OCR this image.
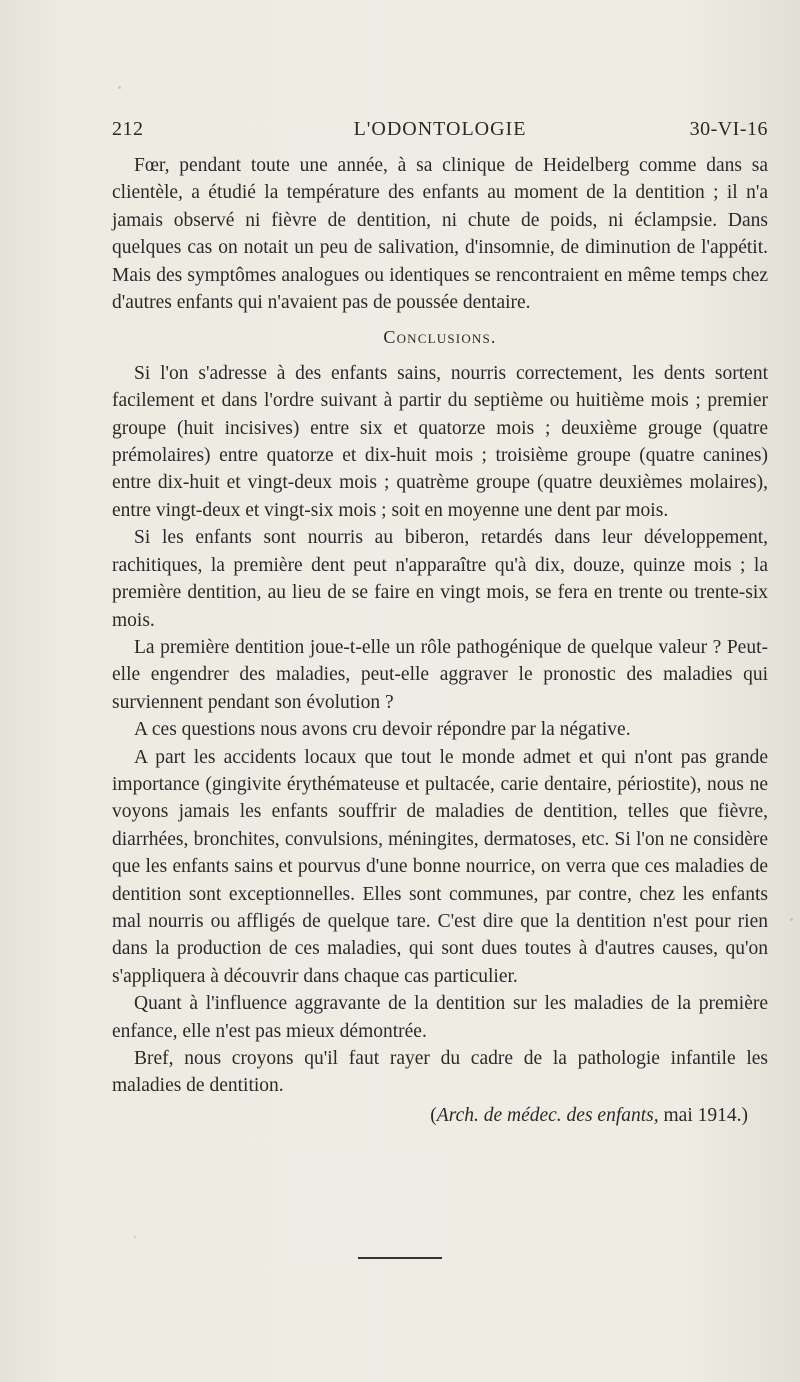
212	L'ODONTOLOGIE	30-VI-16

Fœr, pendant toute une année, à sa clinique de Heidelberg comme dans sa clientèle, a étudié la température des enfants au moment de la dentition ; il n'a jamais observé ni fièvre de dentition, ni chute de poids, ni éclampsie. Dans quelques cas on notait un peu de salivation, d'insomnie, de diminution de l'appétit. Mais des symptômes analogues ou identiques se rencontraient en même temps chez d'autres enfants qui n'avaient pas de poussée dentaire.

Conclusions.

Si l'on s'adresse à des enfants sains, nourris correctement, les dents sortent facilement et dans l'ordre suivant à partir du septième ou huitième mois ; premier groupe (huit incisives) entre six et quatorze mois ; deuxième grouge (quatre prémolaires) entre quatorze et dix-huit mois ; troisième groupe (quatre canines) entre dix-huit et vingt-deux mois ; quatrème groupe (quatre deuxièmes molaires), entre vingt-deux et vingt-six mois ; soit en moyenne une dent par mois.

Si les enfants sont nourris au biberon, retardés dans leur développement, rachitiques, la première dent peut n'apparaître qu'à dix, douze, quinze mois ; la première dentition, au lieu de se faire en vingt mois, se fera en trente ou trente-six mois.

La première dentition joue-t-elle un rôle pathogénique de quelque valeur ? Peut-elle engendrer des maladies, peut-elle aggraver le pronostic des maladies qui surviennent pendant son évolution ?

A ces questions nous avons cru devoir répondre par la négative.

A part les accidents locaux que tout le monde admet et qui n'ont pas grande importance (gingivite érythémateuse et pultacée, carie dentaire, périostite), nous ne voyons jamais les enfants souffrir de maladies de dentition, telles que fièvre, diarrhées, bronchites, convulsions, méningites, dermatoses, etc. Si l'on ne considère que les enfants sains et pourvus d'une bonne nourrice, on verra que ces maladies de dentition sont exceptionnelles. Elles sont communes, par contre, chez les enfants mal nourris ou affligés de quelque tare. C'est dire que la dentition n'est pour rien dans la production de ces maladies, qui sont dues toutes à d'autres causes, qu'on s'appliquera à découvrir dans chaque cas particulier.

Quant à l'influence aggravante de la dentition sur les maladies de la première enfance, elle n'est pas mieux démontrée.

Bref, nous croyons qu'il faut rayer du cadre de la pathologie infantile les maladies de dentition.

(Arch. de médec. des enfants, mai 1914.)
